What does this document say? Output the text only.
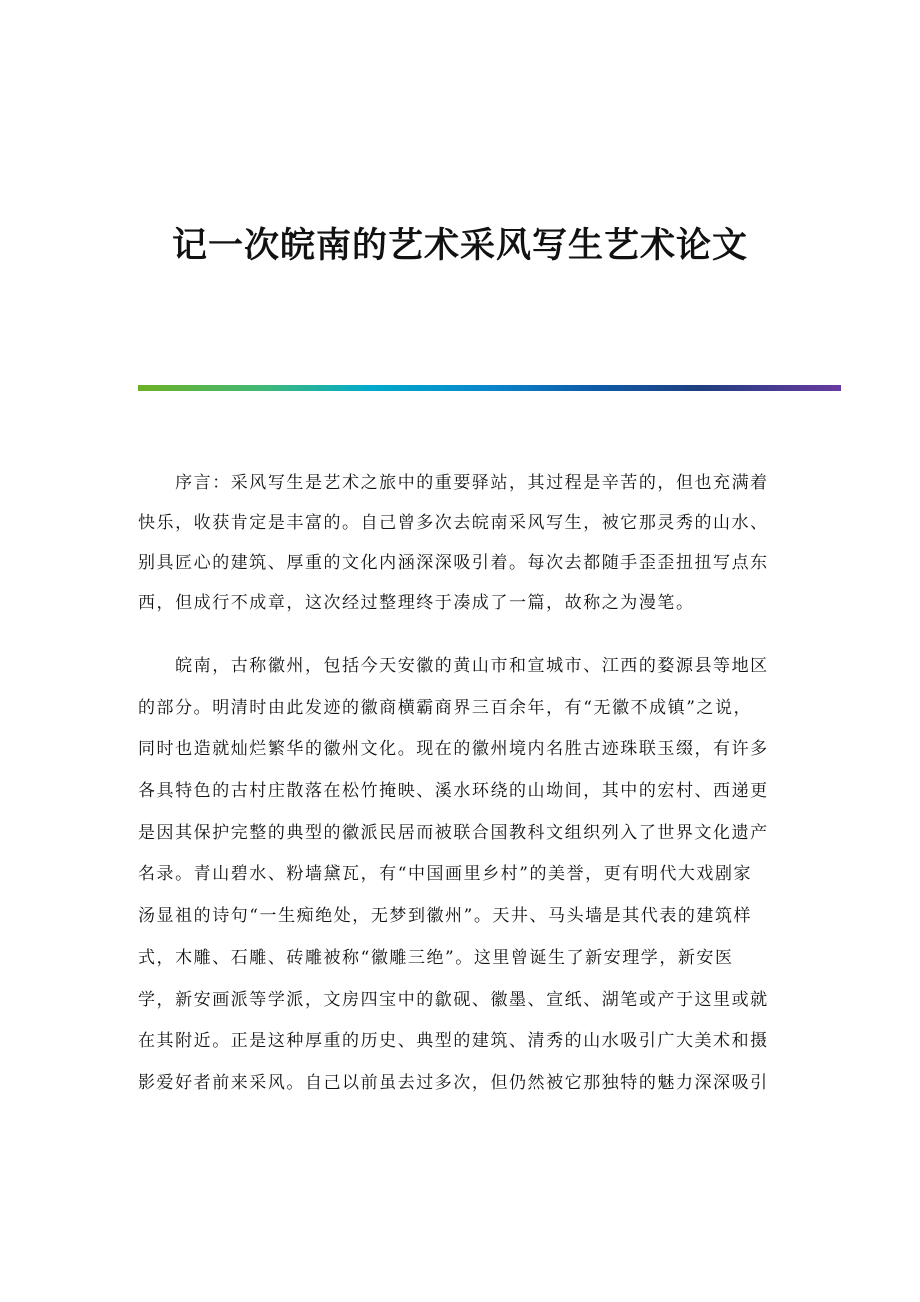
记一次皖南的艺术采风写生艺术论文
　　序言：采风写生是艺术之旅中的重要驿站，其过程是辛苦的，但也充满着
快乐，收获肯定是丰富的。自己曾多次去皖南采风写生，被它那灵秀的山水、
别具匠心的建筑、厚重的文化内涵深深吸引着。每次去都随手歪歪扭扭写点东
西，但成行不成章，这次经过整理终于凑成了一篇，故称之为漫笔。
　　皖南，古称徽州，包括今天安徽的黄山市和宣城市、江西的婺源县等地区
的部分。明清时由此发迹的徽商横霸商界三百余年，有“无徽不成镇”之说，
同时也造就灿烂繁华的徽州文化。现在的徽州境内名胜古迹珠联玉缀，有许多
各具特色的古村庄散落在松竹掩映、溪水环绕的山坳间，其中的宏村、西递更
是因其保护完整的典型的徽派民居而被联合国教科文组织列入了世界文化遗产
名录。青山碧水、粉墙黛瓦，有“中国画里乡村”的美誉，更有明代大戏剧家
汤显祖的诗句“一生痴绝处，无梦到徽州”。天井、马头墙是其代表的建筑样
式，木雕、石雕、砖雕被称“徽雕三绝”。这里曾诞生了新安理学，新安医
学，新安画派等学派，文房四宝中的歙砚、徽墨、宣纸、湖笔或产于这里或就
在其附近。正是这种厚重的历史、典型的建筑、清秀的山水吸引广大美术和摄
影爱好者前来采风。自己以前虽去过多次，但仍然被它那独特的魅力深深吸引
